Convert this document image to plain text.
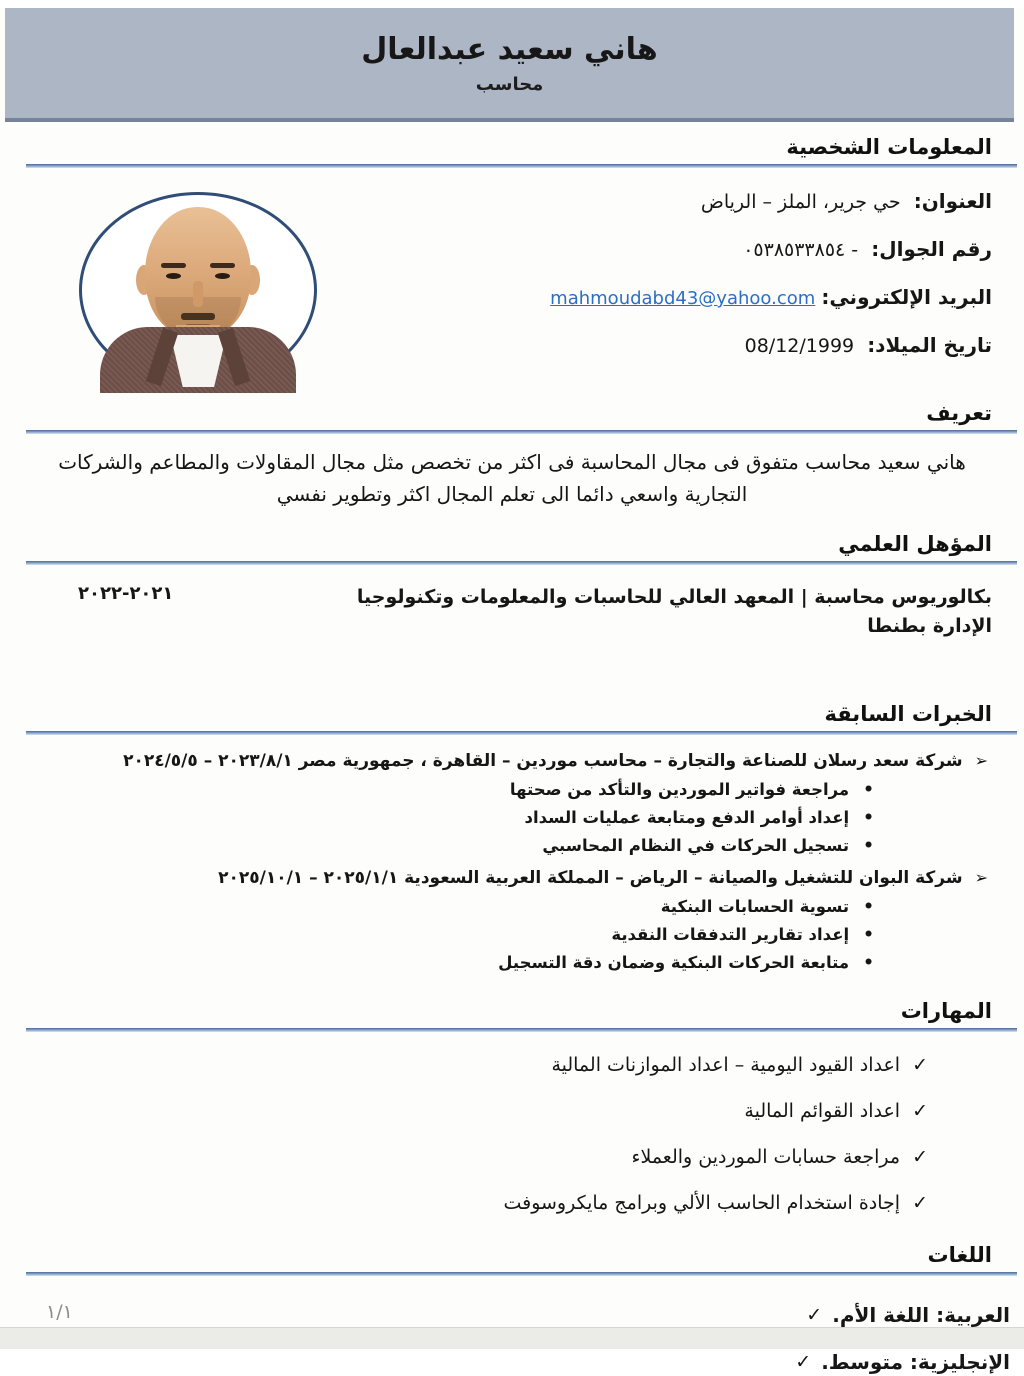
هاني سعيد عبدالعال
محاسب
المعلومات الشخصية
العنوان: حي جرير، الملز – الرياض
رقم الجوال: - ٠٥٣٨٥٣٣٨٥٤
البريد الإلكتروني: mahmoudabd43@yahoo.com
تاريخ الميلاد: 08/12/1999
تعريف
هاني سعيد محاسب متفوق فى مجال المحاسبة فى اكثر من تخصص مثل مجال المقاولات والمطاعم والشركات التجارية واسعي دائما الى تعلم المجال اكثر وتطوير نفسي
المؤهل العلمي
بكالوريوس محاسبة | المعهد العالي للحاسبات والمعلومات وتكنولوجيا الإدارة بطنطا
٢٠٢١-٢٠٢٢
الخبرات السابقة
➢
شركة سعد رسلان للصناعة والتجارة – محاسب موردين – القاهرة ، جمهورية مصر ٢٠٢٣/٨/١ – ٢٠٢٤/٥/٥
•
مراجعة فواتير الموردين والتأكد من صحتها
•
إعداد أوامر الدفع ومتابعة عمليات السداد
•
تسجيل الحركات في النظام المحاسبي
➢
شركة البوان للتشغيل والصيانة – الرياض – المملكة العربية السعودية ٢٠٢٥/١/١ – ٢٠٢٥/١٠/١
•
تسوية الحسابات البنكية
•
إعداد تقارير التدفقات النقدية
•
متابعة الحركات البنكية وضمان دقة التسجيل
المهارات
✓
اعداد القيود اليومية – اعداد الموازنات المالية
✓
اعداد القوائم المالية
✓
مراجعة حسابات الموردين والعملاء
✓
إجادة استخدام الحاسب الألي وبرامج مايكروسوفت
اللغات
✓ العربية: اللغة الأم.
✓ الإنجليزية: متوسط.
١/١
